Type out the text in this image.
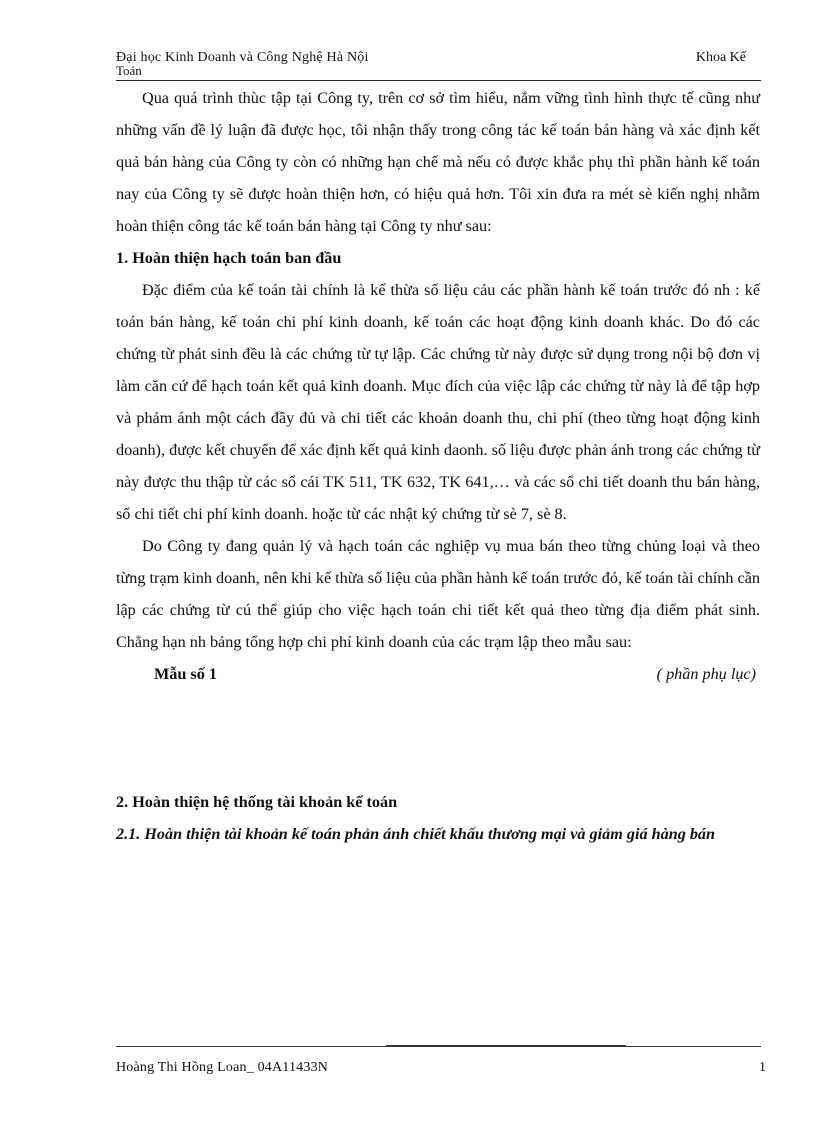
Đại học Kinh Doanh và Công Nghệ Hà Nội	Khoa Kế
Toán

Qua quá trình thùc tập tại Công ty, trên cơ sở tìm hiểu, nắm vững tình hình thực tế cũng như những vấn đề lý luận đã được học, tôi nhận thấy trong công tác kế toán bán hàng và xác định kết quả bán hàng của Công ty còn có những hạn chế mà nếu có được khắc phụ thì phần hành kế toán nay của Công ty sẽ được hoàn thiện hơn, có hiệu quả hơn. Tôi xin đưa ra mét sè kiến nghị nhằm hoàn thiện công tác kế toán bán hàng tại Công ty như sau:

1. Hoàn thiện hạch toán ban đầu

Đặc điểm của kế toán tài chính là kế thừa số liệu cảu các phần hành kế toán trước đó nh : kế toán bán hàng, kế toán chi phí kinh doanh, kế toán các hoạt động kinh doanh khác. Do đó các chứng từ phát sinh đều là các chứng từ tự lập. Các chứng từ này được sử dụng trong nội bộ đơn vị làm căn cứ để hạch toán kết quả kinh doanh. Mục đích của việc lập các chứng từ này là để tập hợp và phảm ánh một cách đầy đủ và chi tiết các khoản doanh thu, chi phí (theo từng hoạt động kinh doanh), được kết chuyển để xác định kết quả kinh daonh. số liệu được phản ánh trong các chứng từ này được thu thập từ các sổ cái TK 511, TK 632, TK 641,… và các sổ chi tiết doanh thu bán hàng, sổ chi tiết chi phí kinh doanh. hoặc từ các nhật ký chứng từ sè 7, sè 8.

Do Công ty đang quản lý và hạch toán các nghiệp vụ mua bán theo từng chủng loại và theo từng trạm kinh doanh, nên khi kế thừa số liệu của phần hành kế toán trước đó, kế toán tài chính cần lập các chứng từ cú thể giúp cho việc hạch toán chi tiết kết quả theo từng địa điểm phát sinh. Chẳng hạn nh bảng tổng hợp chi phí kinh doanh của các trạm lập theo mẫu sau:

Mẫu số 1	( phần phụ lục)

2. Hoàn thiện hệ thống tài khoản kế toán

2.1. Hoàn thiện tài khoản kế toán phản ánh chiết khấu thương mại và giảm giá hàng bán

Hoàng Thi Hồng Loan_ 04A11433N	1
